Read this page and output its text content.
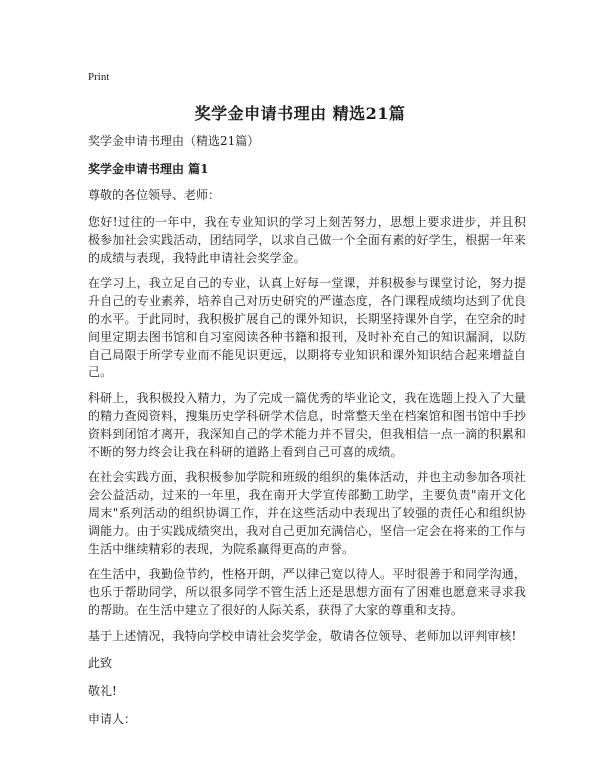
Print
奖学金申请书理由 精选21篇

奖学金申请书理由（精选21篇）

奖学金申请书理由 篇1

尊敬的各位领导、老师：

您好!过往的一年中，我在专业知识的学习上刻苦努力，思想上要求进步，并且积极参加社会实践活动，团结同学，以求自己做一个全面有素的好学生，根据一年来的成绩与表现，我特此申请社会奖学金。

在学习上，我立足自己的专业，认真上好每一堂课，并积极参与课堂讨论，努力提升自己的专业素养，培养自己对历史研究的严谨态度，各门课程成绩均达到了优良的水平。于此同时，我积极扩展自己的课外知识，长期坚持课外自学，在空余的时间里定期去图书馆和自习室阅读各种书籍和报刊，及时补充自己的知识漏洞，以防自己局限于所学专业而不能见识更远，以期将专业知识和课外知识结合起来增益自己。

科研上，我积极投入精力，为了完成一篇优秀的毕业论文，我在选题上投入了大量的精力查阅资料，搜集历史学科研学术信息，时常整天坐在档案馆和图书馆中手抄资料到闭馆才离开，我深知自己的学术能力并不冒尖，但我相信一点一滴的积累和不断的努力终会让我在科研的道路上看到自己可喜的成绩。

在社会实践方面，我积极参加学院和班级的组织的集体活动，并也主动参加各项社会公益活动，过来的一年里，我在南开大学宣传部勤工助学，主要负责"南开文化周末"系列活动的组织协调工作，并在这些活动中表现出了较强的责任心和组织协调能力。由于实践成绩突出，我对自己更加充满信心，坚信一定会在将来的工作与生活中继续精彩的表现，为院系赢得更高的声誉。

在生活中，我勤俭节约，性格开朗，严以律己宽以待人。平时很善于和同学沟通，也乐于帮助同学，所以很多同学不管生活上还是思想方面有了困难也愿意来寻求我的帮助。在生活中建立了很好的人际关系，获得了大家的尊重和支持。

基于上述情况，我特向学校申请社会奖学金，敬请各位领导、老师加以评判审核!

此致

敬礼!

申请人：
